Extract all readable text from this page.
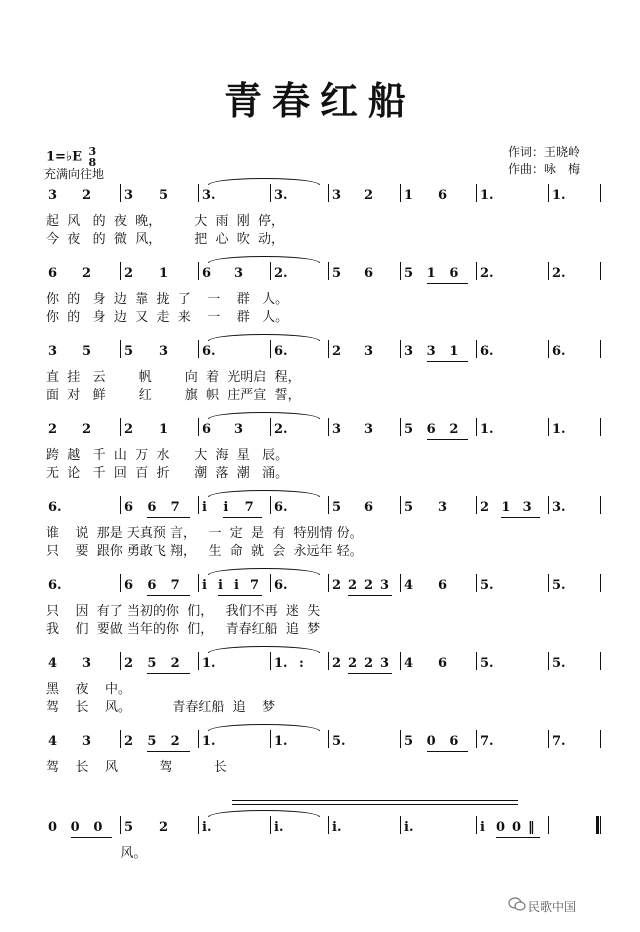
青春红船
1=♭E 3
8
充满向往地
作词：王晓岭
作曲：咏　梅
3 2	3 5	3.	3.	3 2 1 6	1.	1.
起  风   的  夜  晚，        大  雨  刚  停，
今  夜   的  微  风，        把  心  吹  动，
6 2	2 1	6 3 2.	5 6 5 1 6 2.	2.
你  的   身  边  靠  拢  了    一    群   人。
你  的   身  边  又  走  来    一    群   人。
3 5	5 3	6.	6.	2 3 3 3 1 6.	6.
直  挂   云        帆        向  着  光明启  程，
面  对   鲜        红        旗  帜  庄严宣  誓，
2 2	2 1	6 3 2.	3 3 5 6 2 1.	1.
跨  越   千  山  万  水      大  海  星   辰。
无  论   千  回  百  折      潮  落  潮   涌。
6.	6 6 7 i i 7 6.	5 6 5 3	2 1 3 3.
谁    说  那是 天真预 言，   一  定  是  有  特别情 份。
只    要  跟你 勇敢飞 翔，   生  命  就  会  永远年 轻。
6.	6 6 7 i i i 7 6.	2 2 2 3 4 6	5.	5.
只    因  有了 当初的你  们，   我们不再  迷  失
我    们  要做 当年的你  们，   青春红船  追  梦
4 3	2 5 2 1.	1. : 2 2 2 3 4 6	5.	5.
黑    夜    中。
驾    长    风。          青春红船  追    梦
4 3	2 5 2 1.	1.	5.	5 0 6 7.	7.
驾    长    风          驾          长
0 0 0 5 2	i.	i.	i.	i.	i 0 0 ‖
风。
民歌中国
